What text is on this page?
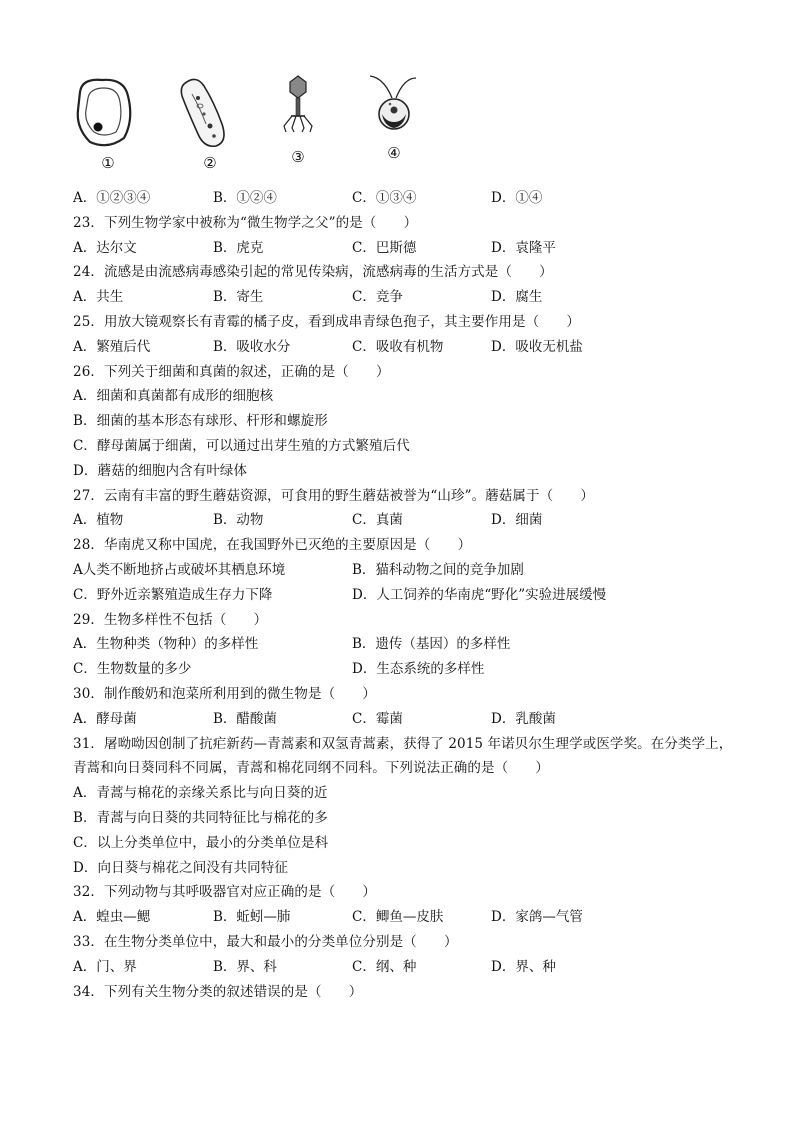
①	②	③	④
A．①②③④	B．①②④	C．①③④	D．①④
23．下列生物学家中被称为“微生物学之父”的是（　　）
A．达尔文	B．虎克	C．巴斯德	D．袁隆平
24．流感是由流感病毒感染引起的常见传染病，流感病毒的生活方式是（　　）
A．共生	B．寄生	C．竞争	D．腐生
25．用放大镜观察长有青霉的橘子皮，看到成串青绿色孢子，其主要作用是（　　）
A．繁殖后代	B．吸收水分	C．吸收有机物	D．吸收无机盐
26．下列关于细菌和真菌的叙述，正确的是（　　）
A．细菌和真菌都有成形的细胞核
B．细菌的基本形态有球形、杆形和螺旋形
C．酵母菌属于细菌，可以通过出芽生殖的方式繁殖后代
D．蘑菇的细胞内含有叶绿体
27．云南有丰富的野生蘑菇资源，可食用的野生蘑菇被誉为“山珍”。蘑菇属于（　　）
A．植物	B．动物	C．真菌	D．细菌
28．华南虎又称中国虎，在我国野外已灭绝的主要原因是（　　）
A人类不断地挤占或破坏其栖息环境	B．猫科动物之间的竞争加剧
C．野外近亲繁殖造成生存力下降	D．人工饲养的华南虎“野化”实验进展缓慢
29．生物多样性不包括（　　）
A．生物种类（物种）的多样性	B．遗传（基因）的多样性
C．生物数量的多少	D．生态系统的多样性
30．制作酸奶和泡菜所利用到的微生物是（　　）
A．酵母菌	B．醋酸菌	C．霉菌	D．乳酸菌
31．屠呦呦因创制了抗疟新药—青蒿素和双氢青蒿素，获得了 2015 年诺贝尔生理学或医学奖。在分类学上，
青蒿和向日葵同科不同属，青蒿和棉花同纲不同科。下列说法正确的是（　　）
A．青蒿与棉花的亲缘关系比与向日葵的近
B．青蒿与向日葵的共同特征比与棉花的多
C．以上分类单位中，最小的分类单位是科
D．向日葵与棉花之间没有共同特征
32．下列动物与其呼吸器官对应正确的是（　　）
A．蝗虫—鳃	B．蚯蚓—肺	C．鲫鱼—皮肤	D．家鸽—气管
33．在生物分类单位中，最大和最小的分类单位分别是（　　）
A．门、界	B．界、科	C．纲、种	D．界、种
34．下列有关生物分类的叙述错误的是（　　）
